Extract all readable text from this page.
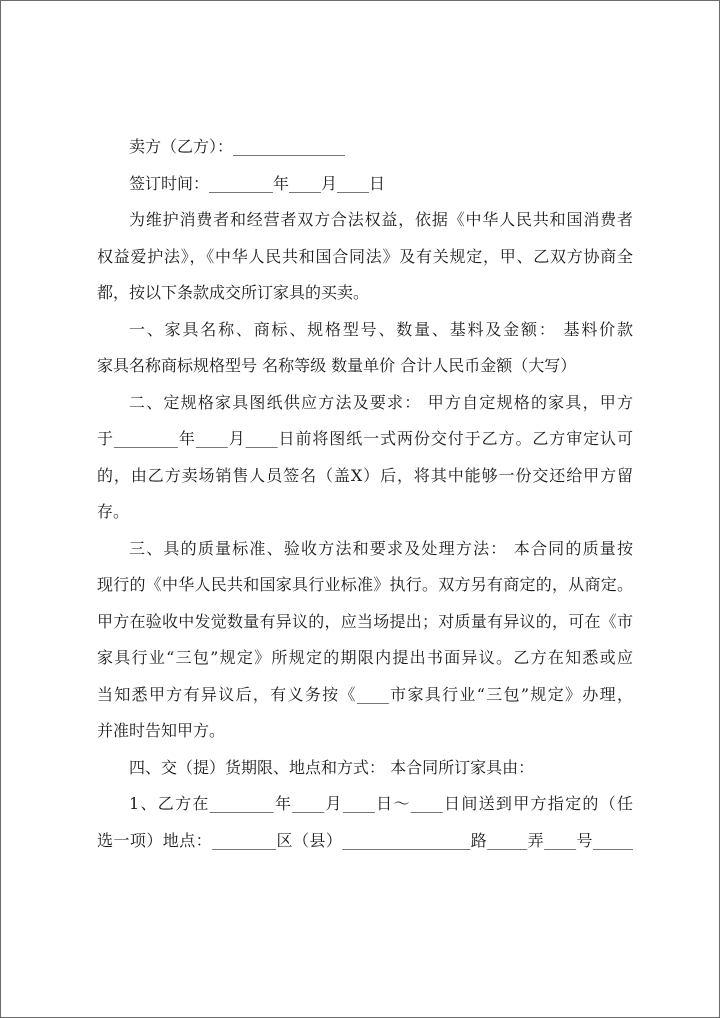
卖方（乙方）：______________
签订时间：________年____月____日
为维护消费者和经营者双方合法权益，依据《中华人民共和国消费者
权益爱护法》，《中华人民共和国合同法》及有关规定，甲、乙双方协商全
都，按以下条款成交所订家具的买卖。
一、家具名称、商标、规格型号、数量、基料及金额： 基料价款
家具名称商标规格型号 名称等级 数量单价 合计人民币金额（大写）
二、定规格家具图纸供应方法及要求： 甲方自定规格的家具，甲方
于________年____月____日前将图纸一式两份交付于乙方。乙方审定认可
的，由乙方卖场销售人员签名（盖X）后，将其中能够一份交还给甲方留
存。
三、具的质量标准、验收方法和要求及处理方法： 本合同的质量按
现行的《中华人民共和国家具行业标准》执行。双方另有商定的，从商定。
甲方在验收中发觉数量有异议的，应当场提出；对质量有异议的，可在《市
家具行业“三包”规定》所规定的期限内提出书面异议。乙方在知悉或应
当知悉甲方有异议后，有义务按《____市家具行业“三包”规定》办理，
并准时告知甲方。
四、交（提）货期限、地点和方式： 本合同所订家具由：
1、乙方在________年____月____日～____日间送到甲方指定的（任
选一项）地点：________区（县）________________路_____弄____号_____
